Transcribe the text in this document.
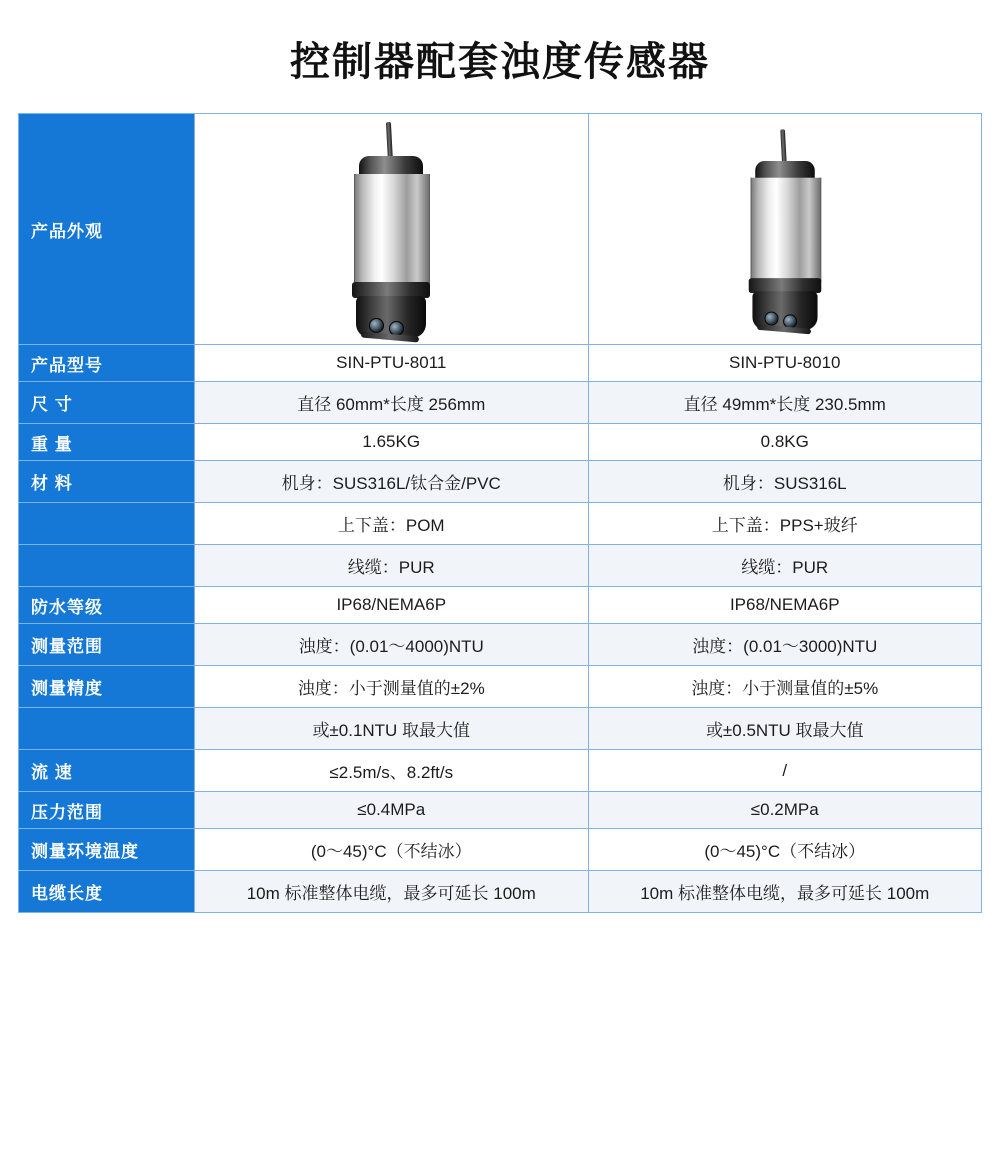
控制器配套浊度传感器
产品外观	

产品型号	SIN-PTU-8011	SIN-PTU-8010
尺 寸	直径 60mm*长度 256mm	直径 49mm*长度 230.5mm
重 量	1.65KG	0.8KG
材 料	机身：SUS316L/钛合金/PVC	机身：SUS316L
	上下盖：POM	上下盖：PPS+玻纤
	线缆：PUR	线缆：PUR
防水等级	IP68/NEMA6P	IP68/NEMA6P
测量范围	浊度：(0.01～4000)NTU	浊度：(0.01～3000)NTU
测量精度	浊度：小于测量值的±2%	浊度：小于测量值的±5%
	或±0.1NTU 取最大值	或±0.5NTU 取最大值
流 速	≤2.5m/s、8.2ft/s	/
压力范围	≤0.4MPa	≤0.2MPa
测量环境温度	(0～45)°C（不结冰）	(0～45)°C（不结冰）
电缆长度	10m 标准整体电缆，最多可延长 100m	10m 标准整体电缆，最多可延长 100m
